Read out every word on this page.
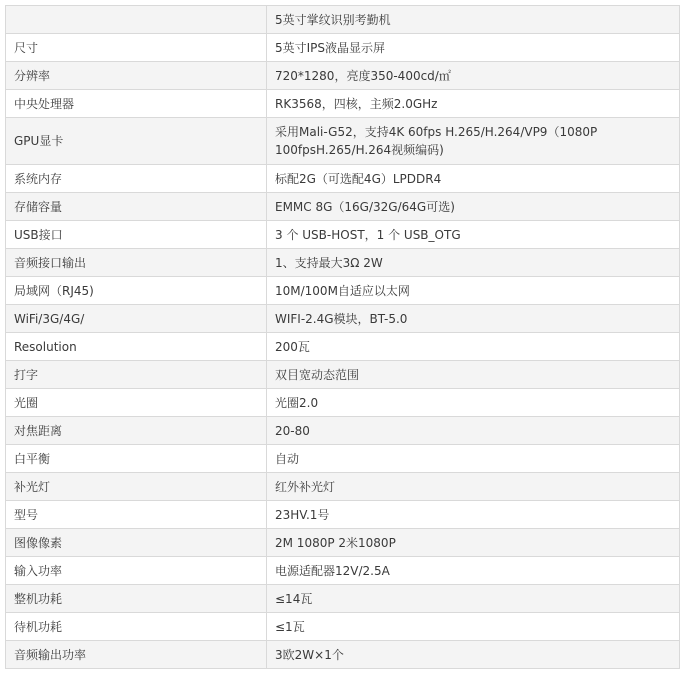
	5英寸掌纹识别考勤机
尺寸	5英寸IPS液晶显示屏
分辨率	720*1280，亮度350-400cd/㎡
中央处理器	RK3568，四核，主频2.0GHz
GPU显卡	采用Mali-G52，支持4K 60fps H.265/H.264/VP9（1080P 100fpsH.265/H.264视频编码)
系统内存	标配2G（可选配4G）LPDDR4
存储容量	EMMC 8G（16G/32G/64G可选)
USB接口	3 个 USB-HOST，1 个 USB_OTG
音频接口输出	1、支持最大3Ω 2W
局域网（RJ45)	10M/100M自适应以太网
WiFi/3G/4G/	WIFI-2.4G模块，BT-5.0
Resolution	200瓦
打字	双目宽动态范围
光圈	光圈2.0
对焦距离	20-80
白平衡	自动
补光灯	红外补光灯
型号	23HV.1号
图像像素	2M 1080P 2米1080P
输入功率	电源适配器12V/2.5A
整机功耗	≤14瓦
待机功耗	≤1瓦
音频输出功率	3欧2W×1个
